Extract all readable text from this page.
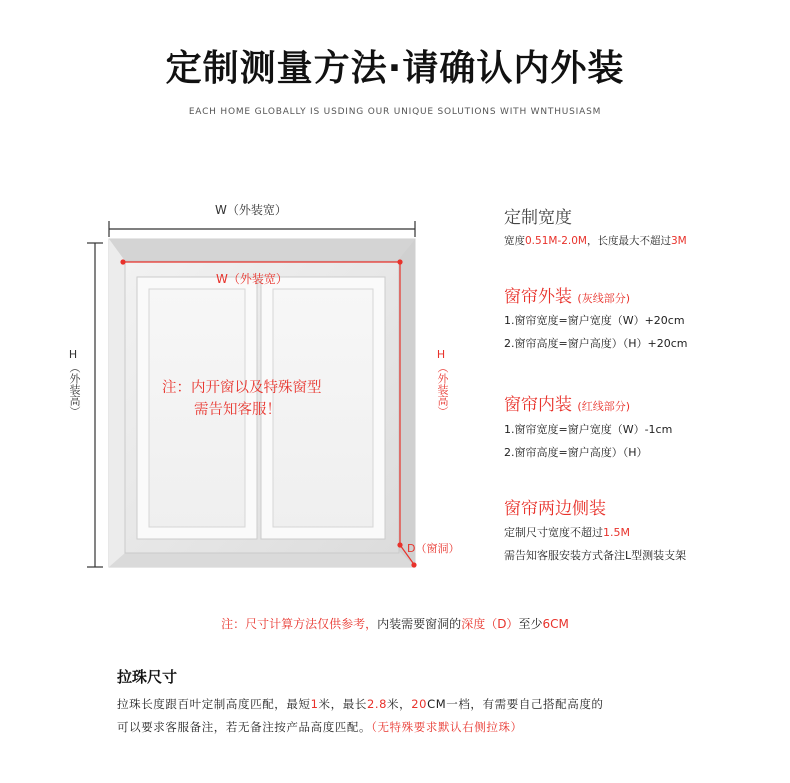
定制测量方法·请确认内外装
EACH HOME GLOBALLY IS USDING OUR UNIQUE SOLUTIONS WITH WNTHUSIASM
W（外装宽）
W（外装宽）
H
（外装高）
H
（外装高）
注：内开窗以及特殊窗型
需告知客服！
D（窗洞）
定制宽度
宽度0.51M-2.0M，长度最大不超过3M
窗帘外装 (灰线部分)
1.窗帘宽度=窗户宽度（W）+20cm
2.窗帘高度=窗户高度）（H）+20cm
窗帘内装 (红线部分)
1.窗帘宽度=窗户宽度（W）-1cm
2.窗帘高度=窗户高度）（H）
窗帘两边侧装
定制尺寸宽度不超过1.5M
需告知客服安装方式备注L型测装支架
注：尺寸计算方法仅供参考，内装需要窗洞的深度（D）至少6CM
拉珠尺寸
拉珠长度跟百叶定制高度匹配，最短1米，最长2.8米，20CM一档，有需要自己搭配高度的
可以要求客服备注，若无备注按产品高度匹配。（无特殊要求默认右侧拉珠）
